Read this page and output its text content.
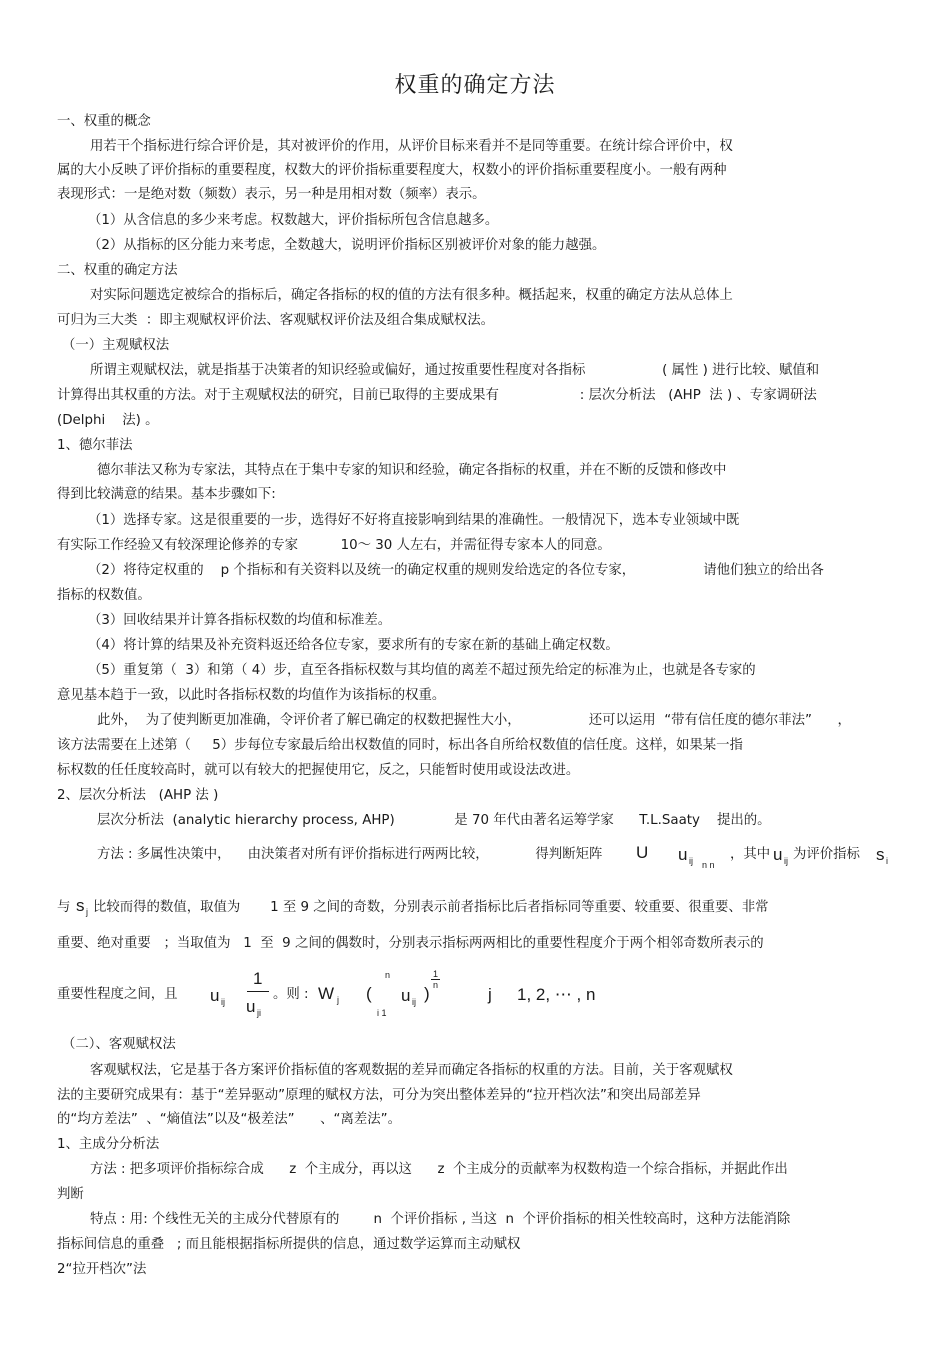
权重的确定方法
一、权重的概念
用若干个指标进行综合评价是，其对被评价的作用，从评价目标来看并不是同等重要。在统计综合评价中，权
属的大小反映了评价指标的重要程度，权数大的评价指标重要程度大，权数小的评价指标重要程度小。一般有两种
表现形式：一是绝对数（频数）表示，另一种是用相对数（频率）表示。
（1）从含信息的多少来考虑。权数越大，评价指标所包含信息越多。
（2）从指标的区分能力来考虑，全数越大，说明评价指标区别被评价对象的能力越强。
二、权重的确定方法
对实际问题选定被综合的指标后，确定各指标的权的值的方法有很多种。概括起来，权重的确定方法从总体上
可归为三大类  ：即主观赋权评价法、客观赋权评价法及组合集成赋权法。
（一）主观赋权法
所谓主观赋权法，就是指基于决策者的知识经验或偏好，通过按重要性程度对各指标                  ( 属性 ) 进行比较、赋值和
计算得出其权重的方法。对于主观赋权法的研究，目前已取得的主要成果有                   : 层次分析法   (AHP  法 ) 、专家调研法
(Delphi    法) 。
1、德尔菲法
德尔菲法又称为专家法，其特点在于集中专家的知识和经验，确定各指标的权重，并在不断的反馈和修改中
得到比较满意的结果。基本步骤如下:
（1）选择专家。这是很重要的一步，选得好不好将直接影响到结果的准确性。一般情况下，选本专业领域中既
有实际工作经验又有较深理论修养的专家          10～ 30 人左右，并需征得专家本人的同意。
（2）将待定权重的    p 个指标和有关资料以及统一的确定权重的规则发给选定的各位专家，                请他们独立的给出各
指标的权数值。
（3）回收结果并计算各指标权数的均值和标准差。
（4）将计算的结果及补充资料返还给各位专家，要求所有的专家在新的基础上确定权数。
（5）重复第（  3）和第（ 4）步，直至各指标权数与其均值的离差不超过预先给定的标准为止，也就是各专家的
意见基本趋于一致，以此时各指标权数的均值作为该指标的权重。
此外，  为了使判断更加准确，令评价者了解已确定的权数把握性大小，                还可以运用  “带有信任度的德尔菲法”      ，
该方法需要在上述第（     5）步每位专家最后给出权数值的同时，标出各自所给权数值的信任度。这样，如果某一指
标权数的任任度较高时，就可以有较大的把握使用它，反之，只能暂时使用或设法改进。
2、层次分析法   (AHP 法 )
层次分析法  (analytic hierarchy process, AHP)              是 70 年代由著名运筹学家      T.L.Saaty    提出的。
方法 : 多属性决策中，    由決策者对所有评价指标进行两两比较，           得判断矩阵 U u ij n n
，其中 u ij 为评价指标 s i
与 s j 比较而得的数值，取值为       1 至 9 之间的奇数，分别表示前者指标比后者指标同等重要、较重要、很重要、非常
重要、绝对重要   ；当取值为   1  至  9 之间的偶数时，分别表示指标两两相比的重要性程度介于两个相邻奇数所表示的
重要性程度之间，且 u ij
1
u ji
。则 : W j (
n
i 1
u ij )
1
n	j 1, 2, ⋯ , n
（二）、客观赋权法
客观赋权法，它是基于各方案评价指标值的客观数据的差异而确定各指标的权重的方法。目前，关于客观赋权
法的主要研究成果有：基于“差异驱动”原理的赋权方法，可分为突出整体差异的“拉开档次法”和突出局部差异
的“均方差法”  、“熵值法”以及“极差法”      、“离差法”。
1、主成分分析法
方法 : 把多项评价指标综合成      z  个主成分，再以这      z  个主成分的贡献率为权数构造一个综合指标，并据此作出
判断
特点 : 用: 个线性无关的主成分代替原有的        n  个评价指标 , 当这  n  个评价指标的相关性较高时，这种方法能消除
指标间信息的重叠   ; 而且能根据指标所提供的信息，通过数学运算而主动赋权
2“拉开档次”法
